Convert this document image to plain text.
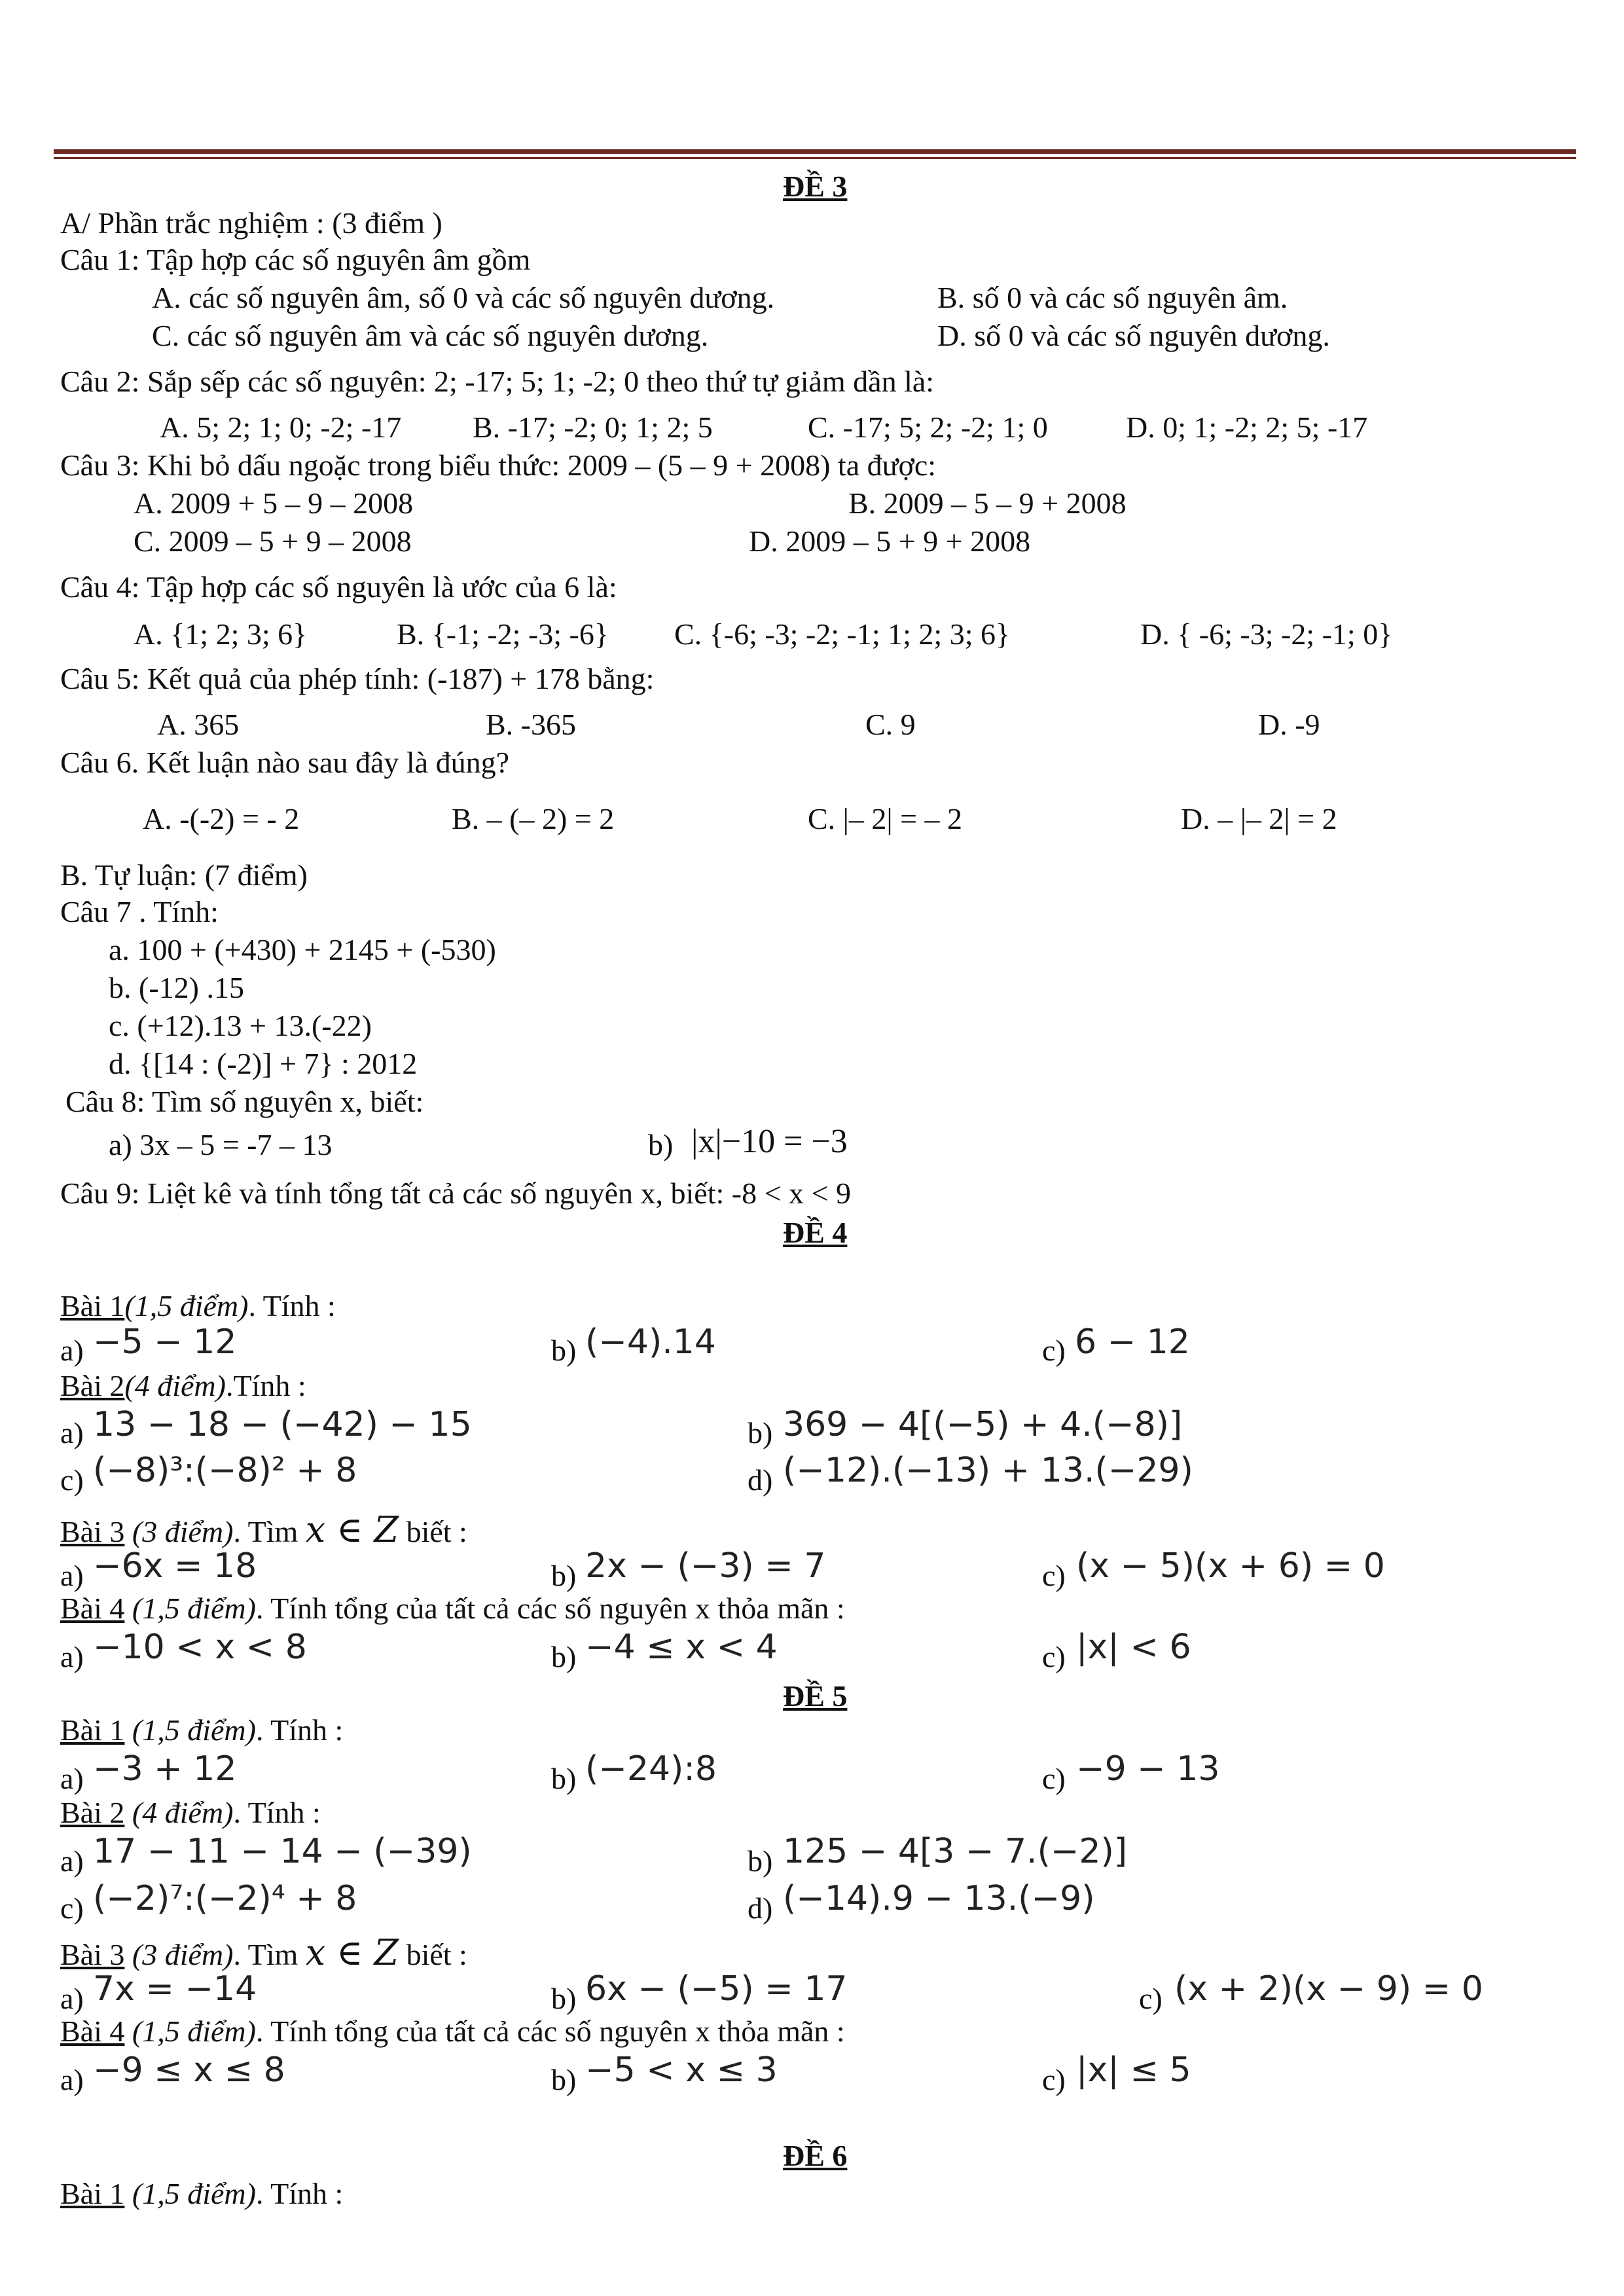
ĐỀ 3
A/ Phần trắc nghiệm : (3 điểm )
Câu 1: Tập hợp các số nguyên âm gồm
A. các số nguyên âm, số 0 và các số nguyên dương.	B. số 0 và các số nguyên âm.
C. các số nguyên âm và các số nguyên dương.	D. số 0 và các số nguyên dương.
Câu 2: Sắp sếp các số nguyên: 2; -17; 5; 1; -2; 0 theo thứ tự giảm dần là:
A. 5; 2; 1; 0; -2; -17 B. -17; -2; 0; 1; 2; 5	C. -17; 5; 2; -2; 1; 0	D. 0; 1; -2; 2; 5; -17
Câu 3: Khi bỏ dấu ngoặc trong biểu thức: 2009 – (5 – 9 + 2008) ta được:
A. 2009 + 5 – 9 – 2008	B. 2009 – 5 – 9 + 2008
C. 2009 – 5 + 9 – 2008	D. 2009 – 5 + 9 + 2008
Câu 4: Tập hợp các số nguyên là ước của 6 là:
A. {1; 2; 3; 6}	B. {-1; -2; -3; -6} C. {-6; -3; -2; -1; 1; 2; 3; 6}	D. { -6; -3; -2; -1; 0}
Câu 5: Kết quả của phép tính: (-187) + 178 bằng:
A. 365	B. -365	C. 9	D. -9
Câu 6. Kết luận nào sau đây là đúng?
A. -(-2) = - 2	B. – (– 2) = 2	C. |– 2| = – 2	D. – |– 2| = 2
B. Tự luận: (7 điểm)
Câu 7 . Tính:
a. 100 + (+430) + 2145 + (-530)
b. (-12) .15
c. (+12).13 + 13.(-22)
d. {[14 : (-2)] + 7} : 2012
Câu 8: Tìm số nguyên x, biết:
a) 3x – 5 = -7 – 13	b) |x|−10 = −3
Câu 9: Liệt kê và tính tổng tất cả các số nguyên x, biết: -8 < x < 9
ĐỀ 4
Bài 1(1,5 điểm). Tính :
a) −5 − 12	b) (−4).14	c) 6 − 12
Bài 2(4 điểm).Tính :
a) 13 − 18 − (−42) − 15	b) 369 − 4[(−5) + 4.(−8)]
c) (−8)³:(−8)² + 8	d) (−12).(−13) + 13.(−29)
Bài 3 (3 điểm). Tìm x ∈ Z biết :
a) −6x = 18	b) 2x − (−3) = 7	c) (x − 5)(x + 6) = 0
Bài 4 (1,5 điểm). Tính tổng của tất cả các số nguyên x thỏa mãn :
a) −10 < x < 8	b) −4 ≤ x < 4	c) |x| < 6
ĐỀ 5
Bài 1 (1,5 điểm). Tính :
a) −3 + 12	b) (−24):8	c) −9 − 13
Bài 2 (4 điểm). Tính :
a) 17 − 11 − 14 − (−39)	b) 125 − 4[3 − 7.(−2)]
c) (−2)⁷:(−2)⁴ + 8	d) (−14).9 − 13.(−9)
Bài 3 (3 điểm). Tìm x ∈ Z biết :
a) 7x = −14	b) 6x − (−5) = 17	c) (x + 2)(x − 9) = 0
Bài 4 (1,5 điểm). Tính tổng của tất cả các số nguyên x thỏa mãn :
a) −9 ≤ x ≤ 8	b) −5 < x ≤ 3	c) |x| ≤ 5
ĐỀ 6
Bài 1 (1,5 điểm). Tính :
